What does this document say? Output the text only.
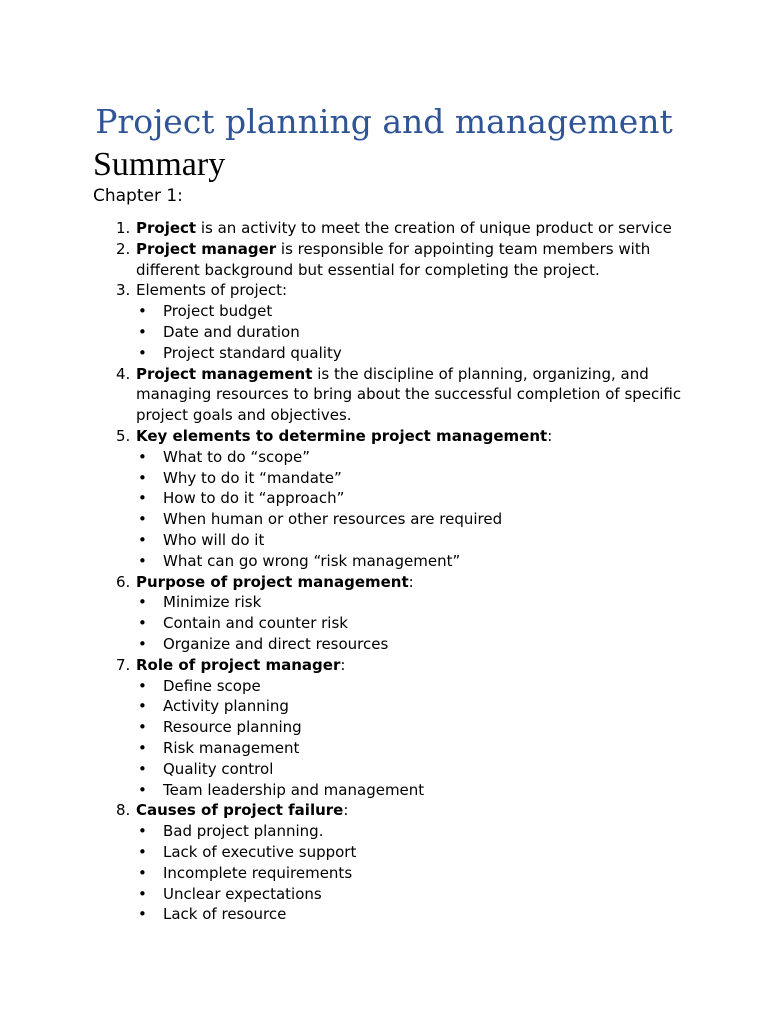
Project planning and management
Summary
Chapter 1:
1. Project is an activity to meet the creation of unique product or service
2. Project manager is responsible for appointing team members with
different background but essential for completing the project.
3. Elements of project:
• Project budget
• Date and duration
• Project standard quality
4. Project management is the discipline of planning, organizing, and
managing resources to bring about the successful completion of specific
project goals and objectives.
5. Key elements to determine project management:
• What to do “scope”
• Why to do it “mandate”
• How to do it “approach”
• When human or other resources are required
• Who will do it
• What can go wrong “risk management”
6. Purpose of project management:
• Minimize risk
• Contain and counter risk
• Organize and direct resources
7. Role of project manager:
• Define scope
• Activity planning
• Resource planning
• Risk management
• Quality control
• Team leadership and management
8. Causes of project failure:
• Bad project planning.
• Lack of executive support
• Incomplete requirements
• Unclear expectations
• Lack of resource
